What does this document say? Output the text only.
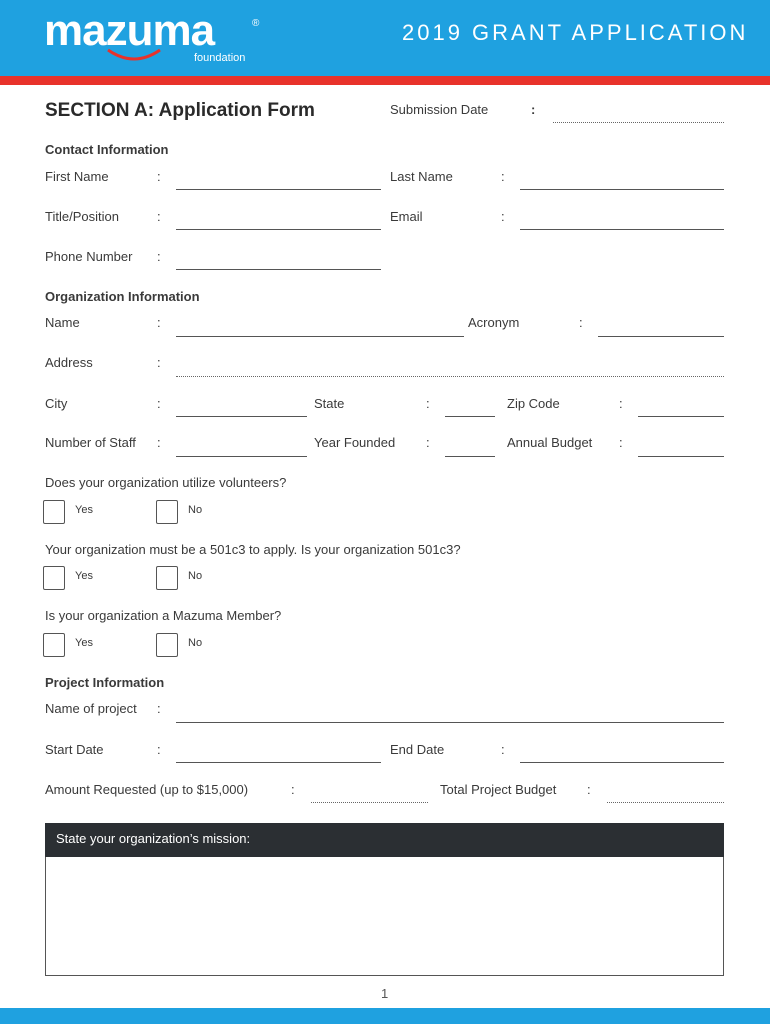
mazuma	®
foundation
2019 GRANT APPLICATION
SECTION A: Application Form	Submission Date	:
Contact Information
First Name	:	Last Name	:
Title/Position	:	Email	:
Phone Number :
Organization Information
Name	:	Acronym	:
Address	:
City	:	State	:	Zip Code	:
Number of Staff :	Year Founded :	Annual Budget :
Does your organization utilize volunteers?
Yes	No
Your organization must be a 501c3 to apply. Is your organization 501c3?
Yes	No
Is your organization a Mazuma Member?
Yes	No
Project Information
Name of project :
Start Date	:	End Date	:
Amount Requested (up to $15,000)	:	Total Project Budget :
State your organization’s mission:
1
